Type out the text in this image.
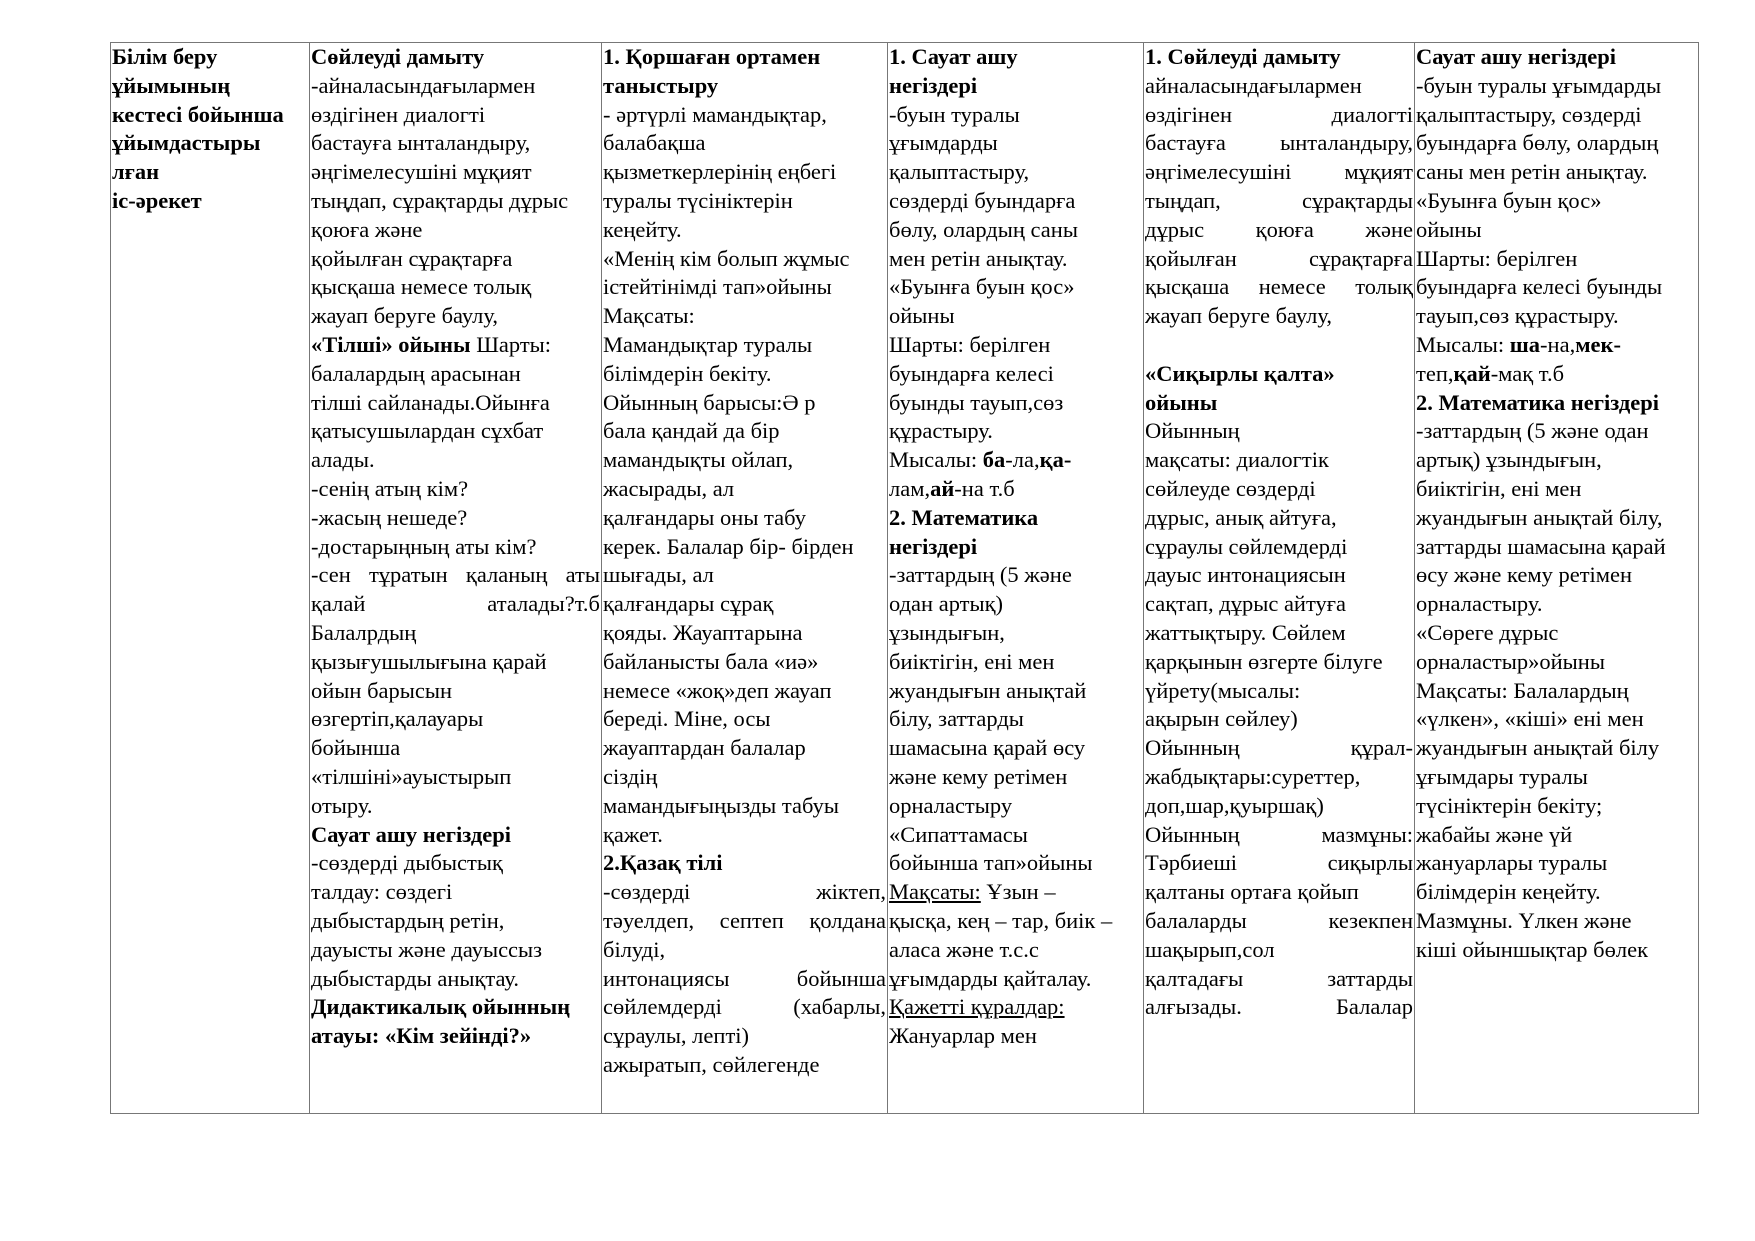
Білім беру
ұйымының
кестесі бойынша
ұйымдастыры
лған
іс-әрекет

Сөйлеуді дамыту
-айналасындағылармен
өздігінен диалогті
бастауға ынталандыру,
әңгімелесушіні мұқият
тыңдап, сұрақтарды дұрыс
қоюға және
қойылған сұрақтарға
қысқаша немесе толық
жауап беруге баулу,
«Тілші» ойыны Шарты:
балалардың арасынан
тілші сайланады.Ойынға
қатысушылардан сұхбат
алады.
-сенің атың кім?
-жасың нешеде?
-достарыңның аты кім?
-сен тұратын қаланың аты
қалай аталады?т.б
Балалрдың
қызығушылығына қарай
ойын барысын
өзгертіп,қалауары
бойынша
«тілшіні»ауыстырып
отыру.
Сауат ашу негіздері
-сөздерді дыбыстық
талдау: сөздегі
дыбыстардың ретін,
дауысты және дауыссыз
дыбыстарды анықтау.
Дидактикалық ойынның
атауы: «Кім зейінді?»

1. Қоршаған ортамен
таныстыру
- әртүрлі мамандықтар,
балабақша
қызметкерлерінің еңбегі
туралы түсініктерін
кеңейту.
«Менің кім болып жұмыс
істейтінімді тап»ойыны
Мақсаты:
Мамандықтар туралы
білімдерін бекіту.
Ойынның барысы:Ә р
бала қандай да бір
мамандықты ойлап,
жасырады, ал
қалғандары оны табу
керек. Балалар бір- бірден
шығады, ал
қалғандары сұрақ
қояды. Жауаптарына
байланысты бала «иә»
немесе «жоқ»деп жауап
береді. Міне, осы
жауаптардан балалар
сіздің
мамандығыңызды табуы
қажет.
2.Қазақ тілі
-сөздерді жіктеп,
тәуелдеп, септеп қолдана
білуді,
интонациясы бойынша
сөйлемдерді (хабарлы,
сұраулы, лепті)
ажыратып, сөйлегенде

1. Сауат ашу
негіздері
-буын туралы
ұғымдарды
қалыптастыру,
сөздерді буындарға
бөлу, олардың саны
мен ретін анықтау.
«Буынға буын қос»
ойыны
Шарты: берілген
буындарға келесі
буынды тауып,сөз
құрастыру.
Мысалы: ба-ла,қа-
лам,ай-на т.б
2. Математика
негіздері
-заттардың (5 және
одан артық)
ұзындығын,
биіктігін, ені мен
жуандығын анықтай
білу, заттарды
шамасына қарай өсу
және кему ретімен
орналастыру
«Сипаттамасы
бойынша тап»ойыны
Мақсаты: Ұзын –
қысқа, кең – тар, биік –
аласа және т.с.с
ұғымдарды қайталау.
Қажетті құралдар:
Жануарлар мен

1. Сөйлеуді дамыту
айналасындағылармен
өздігінен диалогті
бастауға ынталандыру,
әңгімелесушіні мұқият
тыңдап, сұрақтарды
дұрыс қоюға және
қойылған сұрақтарға
қысқаша немесе толық
жауап беруге баулу,
«Сиқырлы қалта»
ойыны
Ойынның
мақсаты: диалогтік
сөйлеуде сөздерді
дұрыс, анық айтуға,
сұраулы сөйлемдерді
дауыс интонациясын
сақтап, дұрыс айтуға
жаттықтыру. Сөйлем
қарқынын өзгерте білуге
үйрету(мысалы:
ақырын сөйлеу)
Ойынның құрал-
жабдықтары:суреттер,
доп,шар,қуыршақ)
Ойынның мазмұны:
Тәрбиеші сиқырлы
қалтаны ортаға қойып
балаларды кезекпен
шақырып,сол
қалтадағы заттарды
алғызады. Балалар

Сауат ашу негіздері
-буын туралы ұғымдарды
қалыптастыру, сөздерді
буындарға бөлу, олардың
саны мен ретін анықтау.
«Буынға буын қос»
ойыны
Шарты: берілген
буындарға келесі буынды
тауып,сөз құрастыру.
Мысалы: ша-на,мек-
теп,қай-мақ т.б
2. Математика негіздері
-заттардың (5 және одан
артық) ұзындығын,
биіктігін, ені мен
жуандығын анықтай білу,
заттарды шамасына қарай
өсу және кему ретімен
орналастыру.
«Сөреге дұрыс
орналастыр»ойыны
Мақсаты: Балалардың
«үлкен», «кіші» ені мен
жуандығын анықтай білу
ұғымдары туралы
түсініктерін бекіту;
жабайы және үй
жануарлары туралы
білімдерін кеңейту.
Мазмұны. Үлкен және
кіші ойыншықтар бөлек
